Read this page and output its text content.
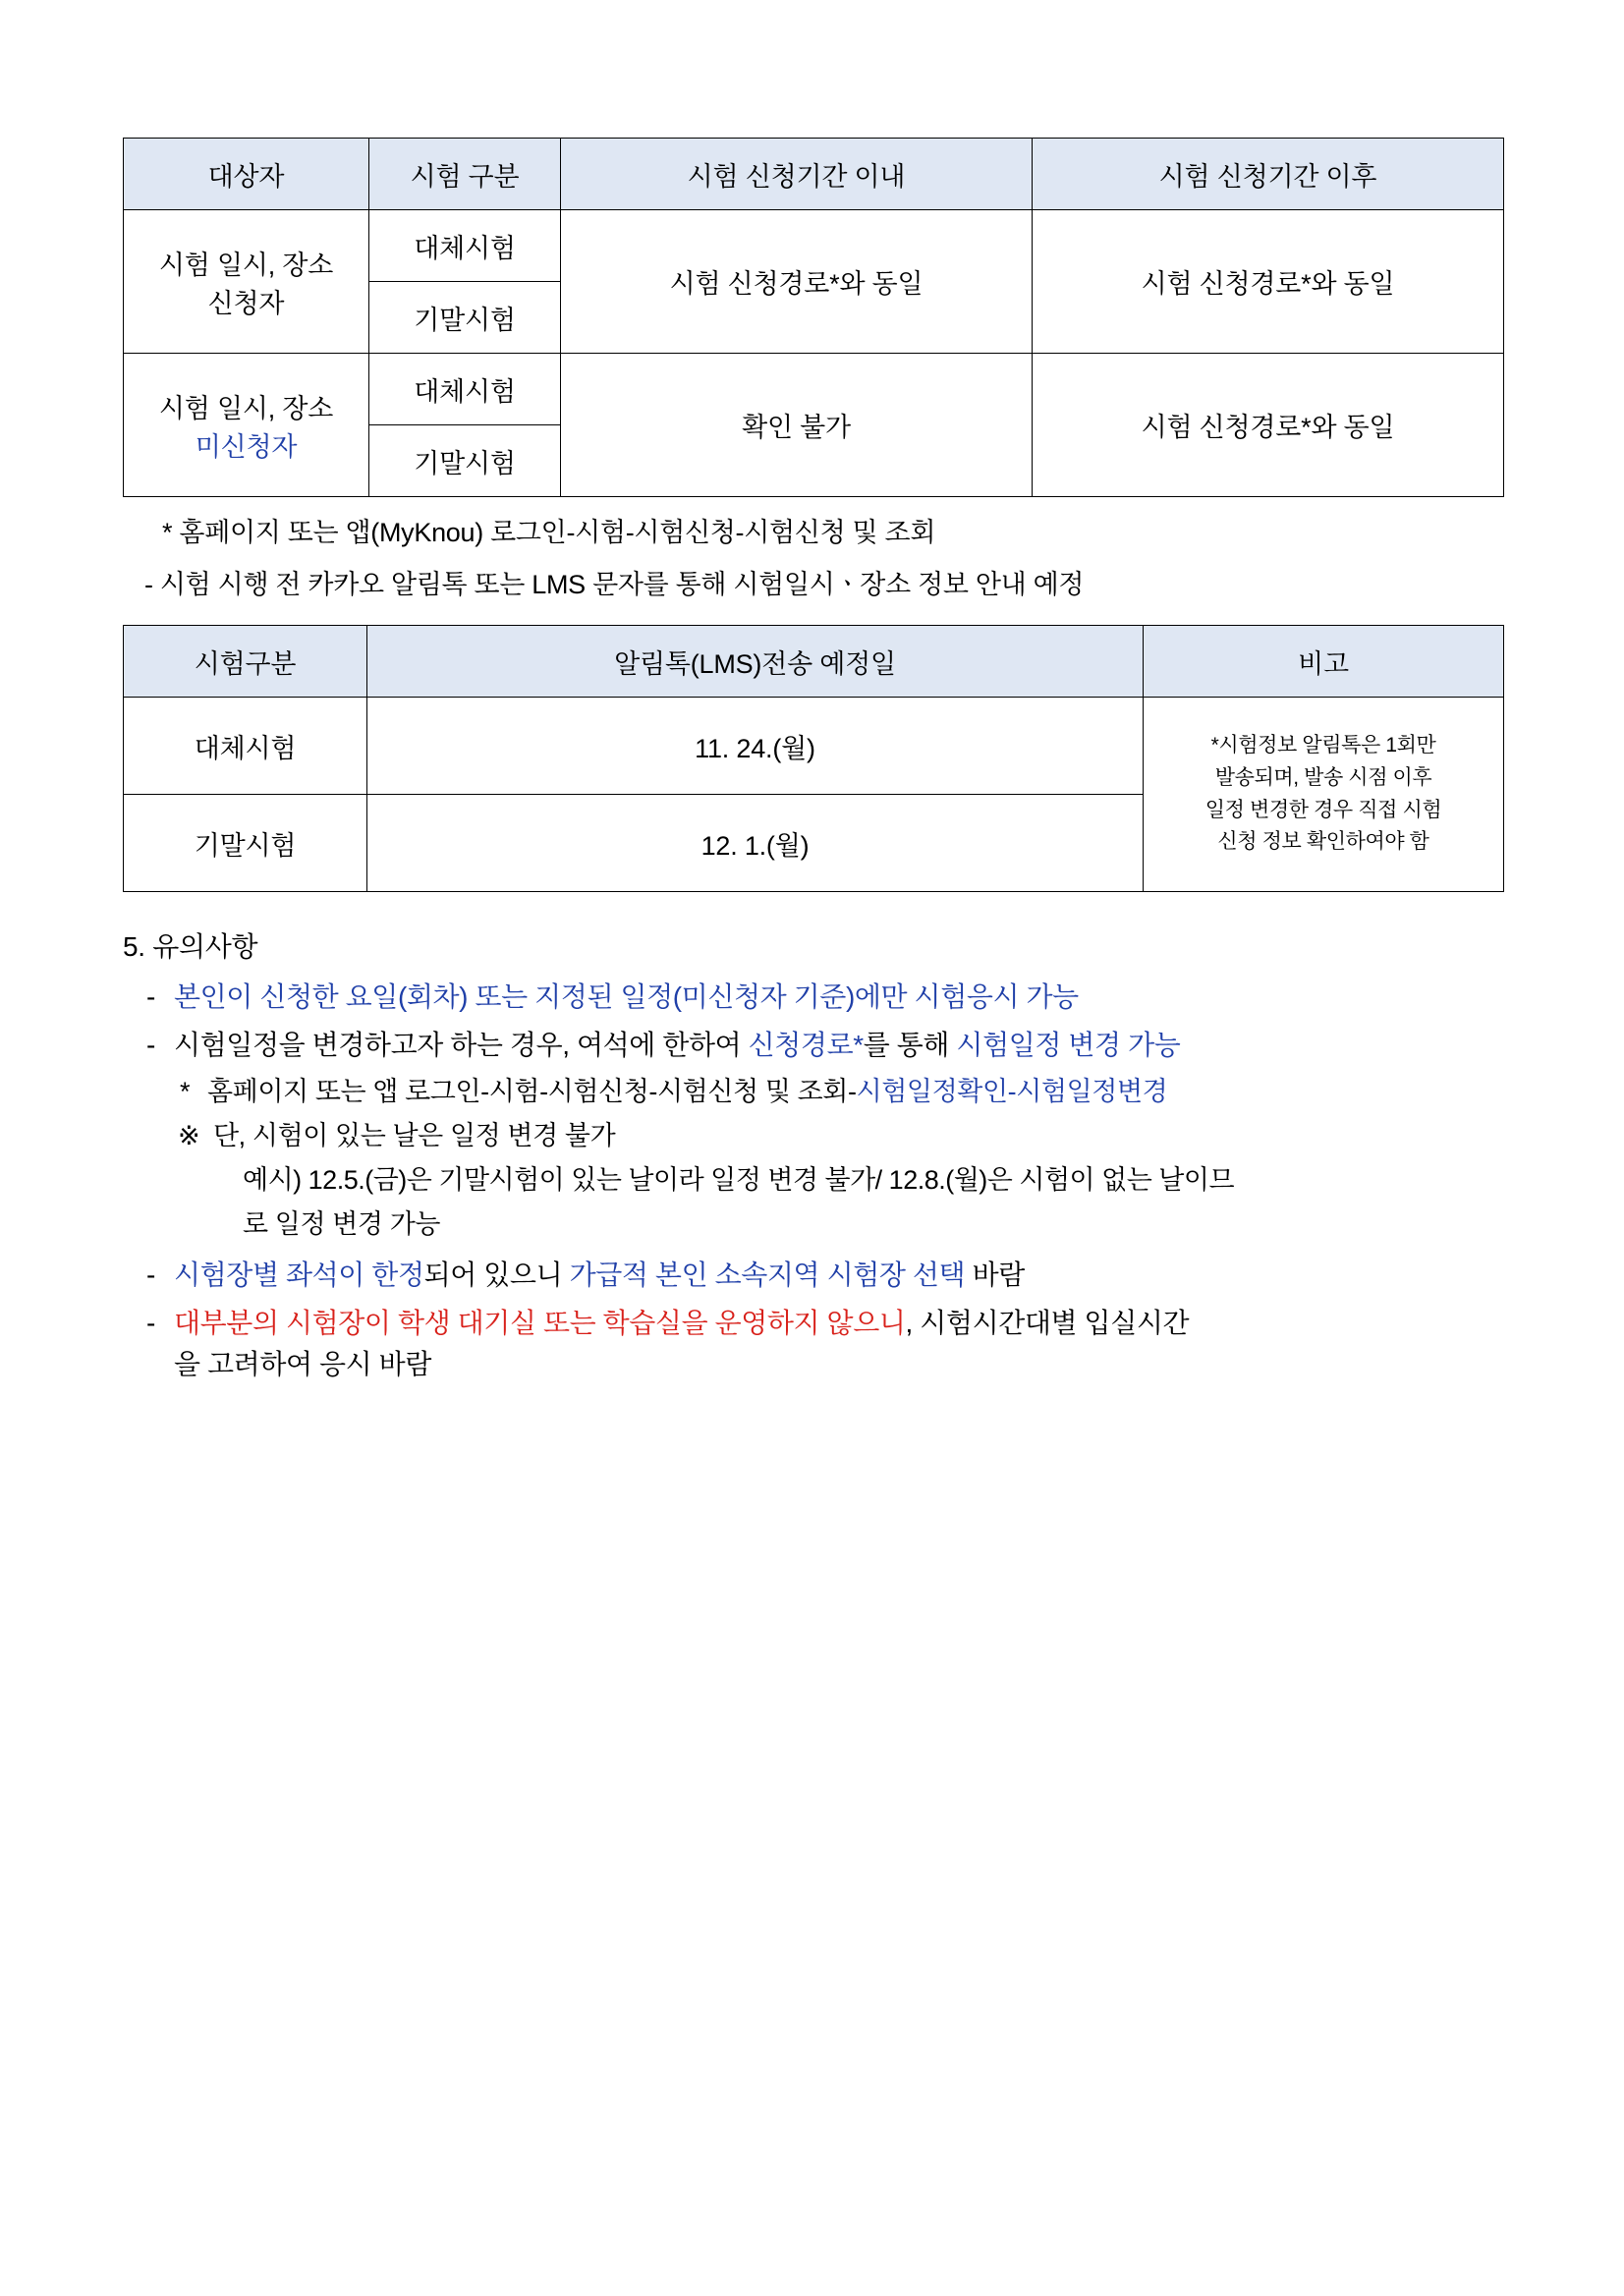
대상자	시험 구분	시험 신청기간 이내	시험 신청기간 이후

시험 일시, 장소
신청자	대체시험	시험 신청경로*와 동일	시험 신청경로*와 동일
	기말시험		

시험 일시, 장소
미신청자	대체시험	확인 불가	시험 신청경로*와 동일
	기말시험		
* 홈페이지 또는 앱(MyKnou) 로그인-시험-시험신청-시험신청 및 조회
- 시험 시행 전 카카오 알림톡 또는 LMS 문자를 통해 시험일시ㆍ장소 정보 안내 예정
시험구분	알림톡(LMS)전송 예정일	비고
대체시험	11. 24.(월)	*시험정보 알림톡은 1회만
발송되며, 발송 시점 이후
일정 변경한 경우 직접 시험
신청 정보 확인하여야 함

기말시험	12. 1.(월)	
5. 유의사항
- 본인이 신청한 요일(회차) 또는 지정된 일정(미신청자 기준)에만 시험응시 가능
- 시험일정을 변경하고자 하는 경우, 여석에 한하여 신청경로*를 통해 시험일정 변경 가능
* 홈페이지 또는 앱 로그인-시험-시험신청-시험신청 및 조회-시험일정확인-시험일정변경
※ 단, 시험이 있는 날은 일정 변경 불가
예시) 12.5.(금)은 기말시험이 있는 날이라 일정 변경 불가/ 12.8.(월)은 시험이 없는 날이므
로 일정 변경 가능
- 시험장별 좌석이 한정되어 있으니 가급적 본인 소속지역 시험장 선택 바람
- 대부분의 시험장이 학생 대기실 또는 학습실을 운영하지 않으니, 시험시간대별 입실시간
을 고려하여 응시 바람
